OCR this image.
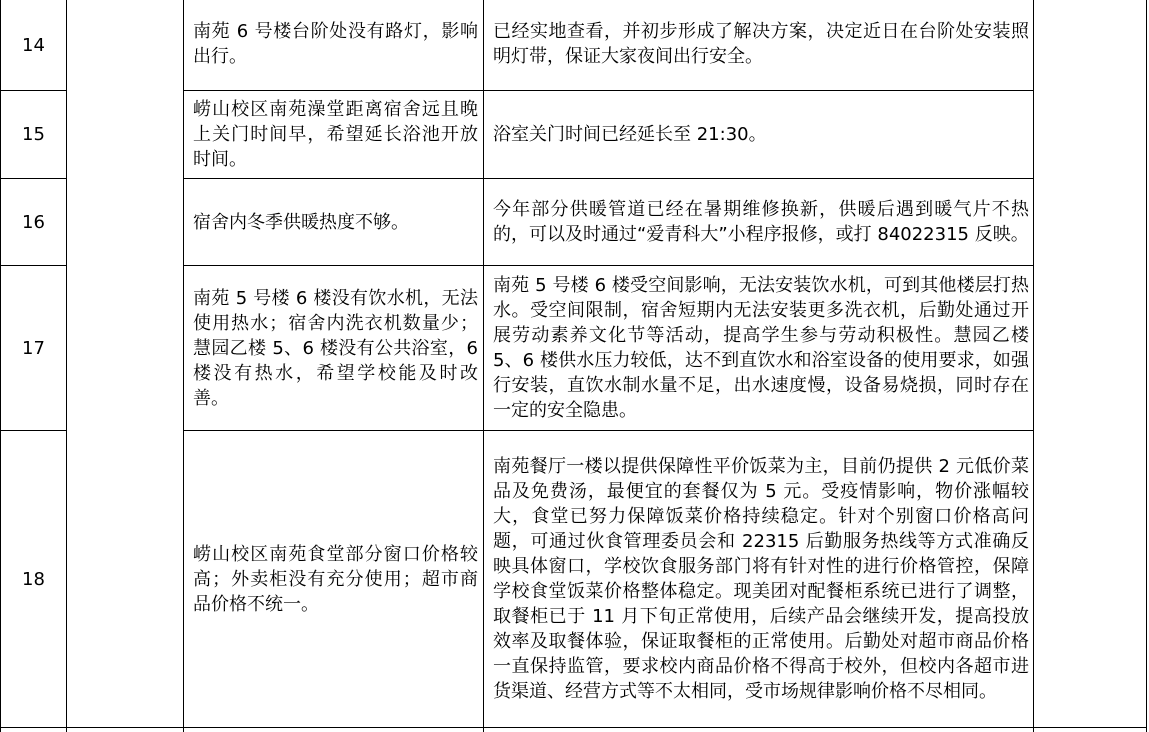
14
南苑 6 号楼台阶处没有路灯，影响出行。
已经实地查看，并初步形成了解决方案，决定近日在台阶处安装照明灯带，保证大家夜间出行安全。
15
崂山校区南苑澡堂距离宿舍远且晚上关门时间早，希望延长浴池开放时间。
浴室关门时间已经延长至 21:30。
16	宿舍内冬季供暖热度不够。
今年部分供暖管道已经在暑期维修换新，供暖后遇到暖气片不热的，可以及时通过“爱青科大”小程序报修，或打 84022315 反映。
17
南苑 5 号楼 6 楼没有饮水机，无法使用热水；宿舍内洗衣机数量少；慧园乙楼 5、6 楼没有公共浴室，6 楼没有热水，希望学校能及时改善。
南苑 5 号楼 6 楼受空间影响，无法安装饮水机，可到其他楼层打热水。受空间限制，宿舍短期内无法安装更多洗衣机，后勤处通过开展劳动素养文化节等活动，提高学生参与劳动积极性。慧园乙楼 5、6 楼供水压力较低，达不到直饮水和浴室设备的使用要求，如强行安装，直饮水制水量不足，出水速度慢，设备易烧损，同时存在一定的安全隐患。
18
崂山校区南苑食堂部分窗口价格较高；外卖柜没有充分使用；超市商品价格不统一。
南苑餐厅一楼以提供保障性平价饭菜为主，目前仍提供 2 元低价菜品及免费汤，最便宜的套餐仅为 5 元。受疫情影响，物价涨幅较大，食堂已努力保障饭菜价格持续稳定。针对个别窗口价格高问题，可通过伙食管理委员会和 22315 后勤服务热线等方式准确反映具体窗口，学校饮食服务部门将有针对性的进行价格管控，保障学校食堂饭菜价格整体稳定。现美团对配餐柜系统已进行了调整，取餐柜已于 11 月下旬正常使用，后续产品会继续开发，提高投放效率及取餐体验，保证取餐柜的正常使用。后勤处对超市商品价格一直保持监管，要求校内商品价格不得高于校外，但校内各超市进货渠道、经营方式等不太相同，受市场规律影响价格不尽相同。
